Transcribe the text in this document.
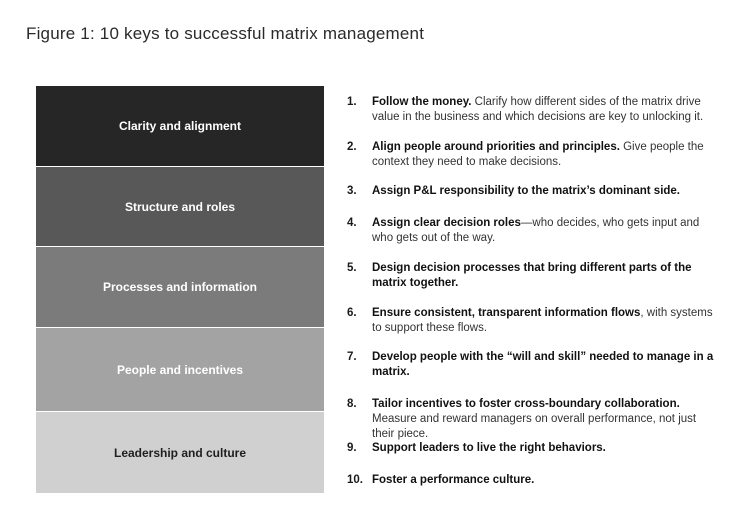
Figure 1: 10 keys to successful matrix management
Clarity and alignment
Structure and roles
Processes and information
People and incentives
Leadership and culture
1.	Follow the money. Clarify how different sides of the matrix drive value in the business and which decisions are key to unlocking it.
2.	Align people around priorities and principles. Give people the context they need to make decisions.
3.	Assign P&L responsibility to the matrix’s dominant side.
4.	Assign clear decision roles—who decides, who gets input and who gets out of the way.
5.	Design decision processes that bring different parts of the matrix together.
6.	Ensure consistent, transparent information flows, with systems to support these flows.
7.	Develop people with the “will and skill” needed to manage in a matrix.
8.	Tailor incentives to foster cross-boundary collaboration. Measure and reward managers on overall performance, not just their piece.
9.	Support leaders to live the right behaviors.
10. Foster a performance culture.
